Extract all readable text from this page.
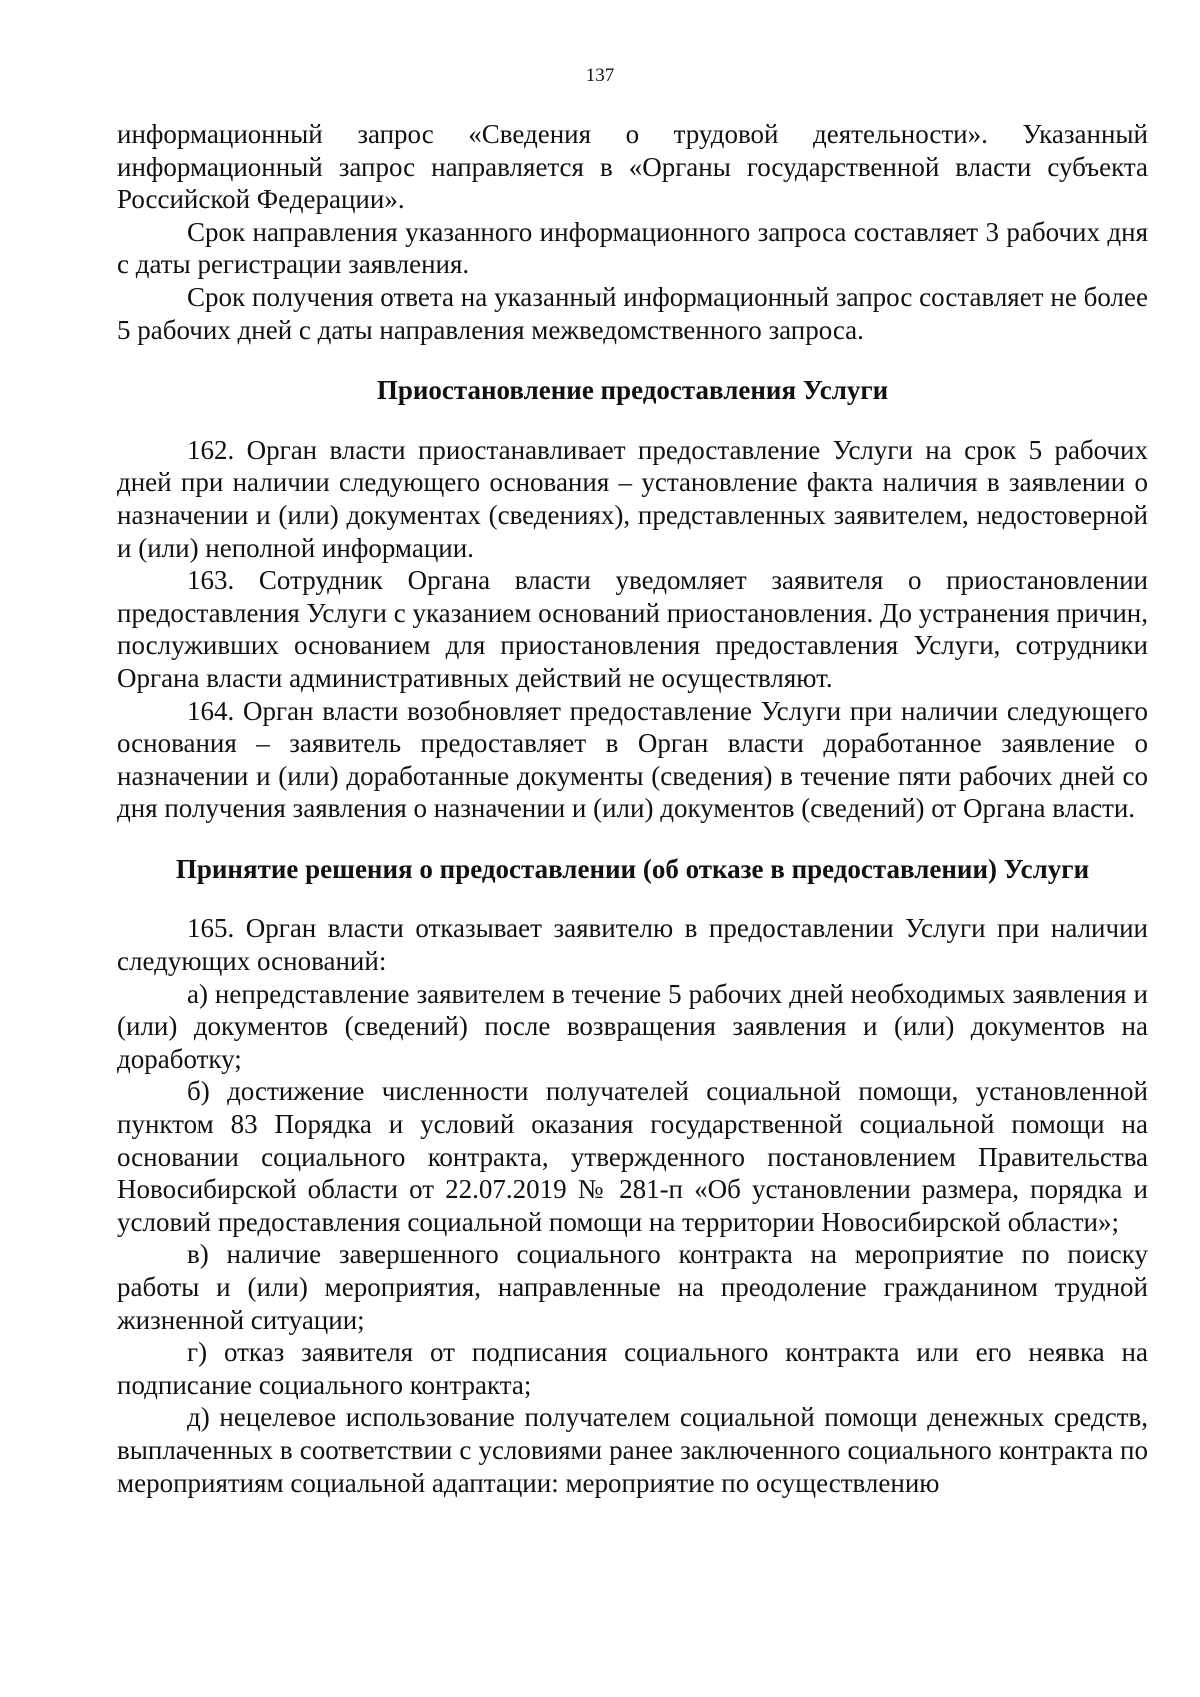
137

информационный запрос «Сведения о трудовой деятельности». Указанный информационный запрос направляется в «Органы государственной власти субъекта Российской Федерации».

Срок направления указанного информационного запроса составляет 3 рабочих дня с даты регистрации заявления.

Срок получения ответа на указанный информационный запрос составляет не более 5 рабочих дней с даты направления межведомственного запроса.

Приостановление предоставления Услуги

162. Орган власти приостанавливает предоставление Услуги на срок 5 рабочих дней при наличии следующего основания – установление факта наличия в заявлении о назначении и (или) документах (сведениях), представленных заявителем, недостоверной и (или) неполной информации.

163. Сотрудник Органа власти уведомляет заявителя о приостановлении предоставления Услуги с указанием оснований приостановления. До устранения причин, послуживших основанием для приостановления предоставления Услуги, сотрудники Органа власти административных действий не осуществляют.

164. Орган власти возобновляет предоставление Услуги при наличии следующего основания – заявитель предоставляет в Орган власти доработанное заявление о назначении и (или) доработанные документы (сведения) в течение пяти рабочих дней со дня получения заявления о назначении и (или) документов (сведений) от Органа власти.

Принятие решения о предоставлении (об отказе в предоставлении) Услуги

165. Орган власти отказывает заявителю в предоставлении Услуги при наличии следующих оснований:

а) непредставление заявителем в течение 5 рабочих дней необходимых заявления и (или) документов (сведений) после возвращения заявления и (или) документов на доработку;

б) достижение численности получателей социальной помощи, установленной пунктом 83 Порядка и условий оказания государственной социальной помощи на основании социального контракта, утвержденного постановлением Правительства Новосибирской области от 22.07.2019 № 281-п «Об установлении размера, порядка и условий предоставления социальной помощи на территории Новосибирской области»;

в) наличие завершенного социального контракта на мероприятие по поиску работы и (или) мероприятия, направленные на преодоление гражданином трудной жизненной ситуации;

г) отказ заявителя от подписания социального контракта или его неявка на подписание социального контракта;

д) нецелевое использование получателем социальной помощи денежных средств, выплаченных в соответствии с условиями ранее заключенного социального контракта по мероприятиям социальной адаптации: мероприятие по осуществлению
